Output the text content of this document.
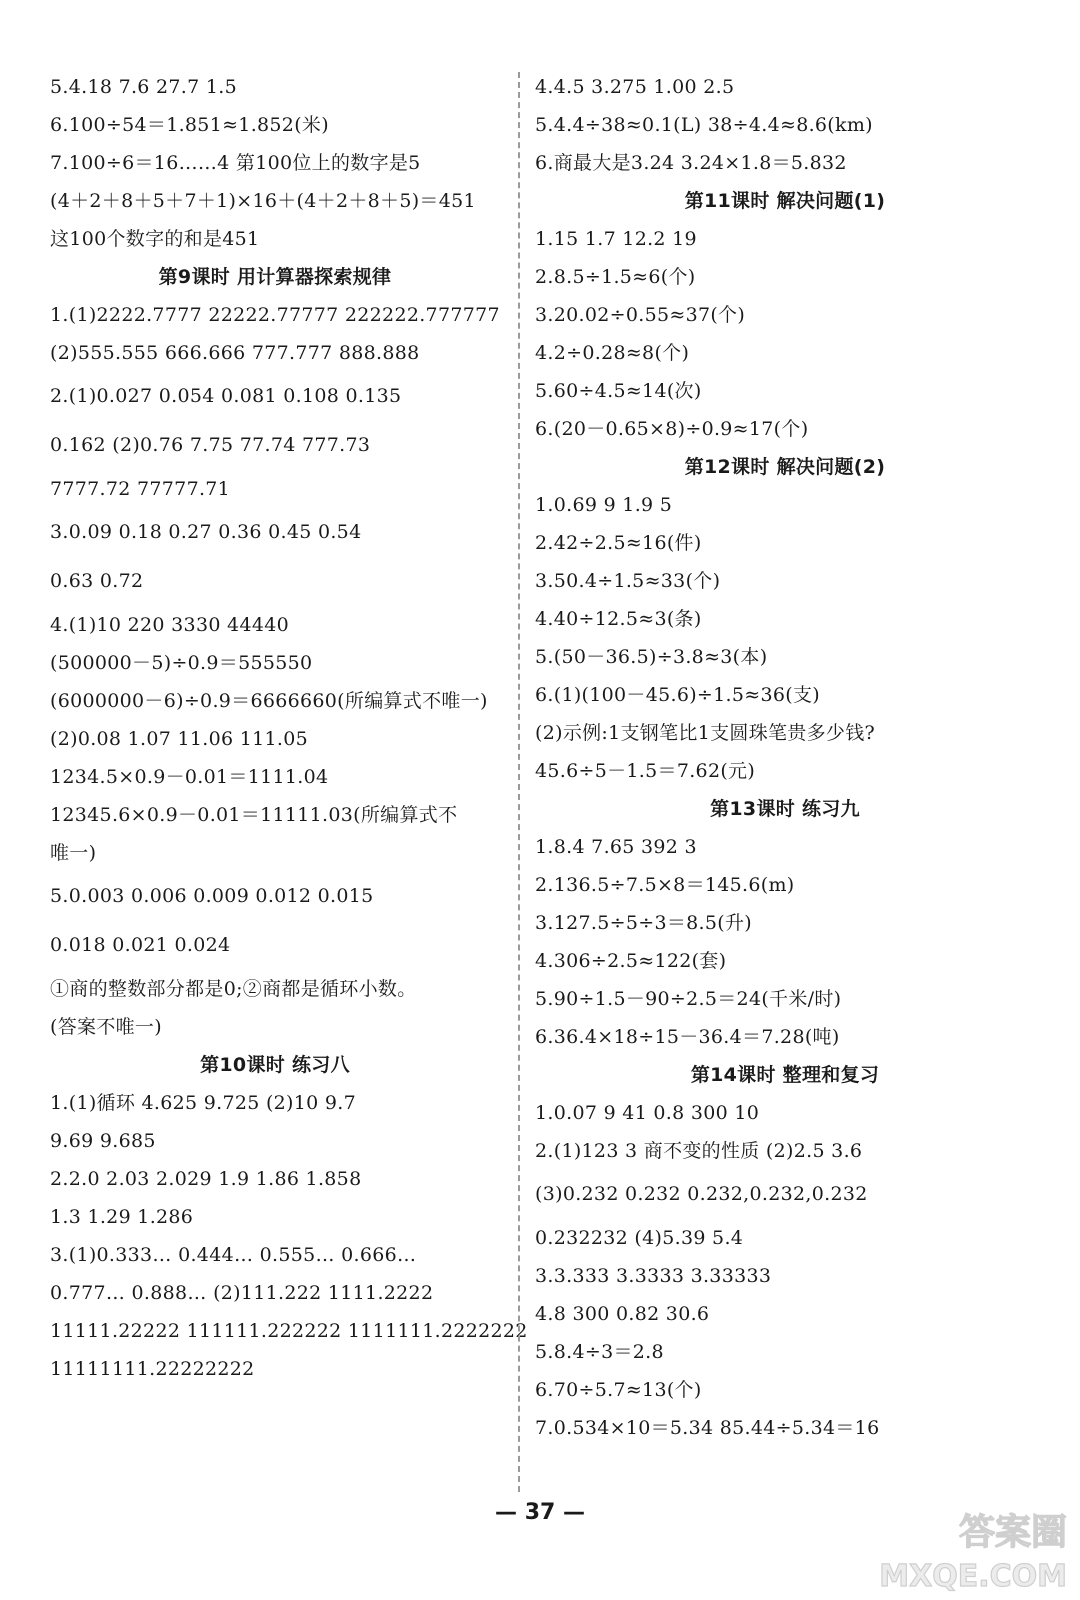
5.4.18 7.6 27.7 1.5
6.100÷54＝1.851≈1.852(米)
7.100÷6＝16……4 第100位上的数字是5
(4＋2＋8＋5＋7＋1)×16＋(4＋2＋8＋5)＝451
这100个数字的和是451
第9课时 用计算器探索规律
1.(1)2222.7777 22222.77777 222222.777777
(2)555.555 666.666 777.777 888.888
2.(1)0.027 0.054 0.081 0.108 0.135
0.162 (2)0.76 7.75 77.74 777.73
7777.72 77777.71
3.0.09 0.18 0.27 0.36 0.45 0.54
0.63 0.72
4.(1)10 220 3330 44440
(500000－5)÷0.9＝555550
(6000000－6)÷0.9＝6666660(所编算式不唯一)
(2)0.08 1.07 11.06 111.05
1234.5×0.9－0.01＝1111.04
12345.6×0.9－0.01＝11111.03(所编算式不
唯一)
5.0.003 0.006 0.009 0.012 0.015
0.018 0.021 0.024
①商的整数部分都是0;②商都是循环小数。
(答案不唯一)
第10课时 练习八
1.(1)循环 4.625 9.725 (2)10 9.7
9.69 9.685
2.2.0 2.03 2.029 1.9 1.86 1.858
1.3 1.29 1.286
3.(1)0.333… 0.444… 0.555… 0.666…
0.777… 0.888… (2)111.222 1111.2222
11111.22222 111111.222222 1111111.2222222
11111111.22222222
4.4.5 3.275 1.00 2.5
5.4.4÷38≈0.1(L) 38÷4.4≈8.6(km)
6.商最大是3.24 3.24×1.8＝5.832
第11课时 解决问题(1)
1.15 1.7 12.2 19
2.8.5÷1.5≈6(个)
3.20.02÷0.55≈37(个)
4.2÷0.28≈8(个)
5.60÷4.5≈14(次)
6.(20－0.65×8)÷0.9≈17(个)
第12课时 解决问题(2)
1.0.69 9 1.9 5
2.42÷2.5≈16(件)
3.50.4÷1.5≈33(个)
4.40÷12.5≈3(条)
5.(50－36.5)÷3.8≈3(本)
6.(1)(100－45.6)÷1.5≈36(支)
(2)示例:1支钢笔比1支圆珠笔贵多少钱?
45.6÷5－1.5＝7.62(元)
第13课时 练习九
1.8.4 7.65 392 3
2.136.5÷7.5×8＝145.6(m)
3.127.5÷5÷3＝8.5(升)
4.306÷2.5≈122(套)
5.90÷1.5－90÷2.5＝24(千米/时)
6.36.4×18÷15－36.4＝7.28(吨)
第14课时 整理和复习
1.0.07 9 41 0.8 300 10
2.(1)123 3 商不变的性质 (2)2.5 3.6
(3)0.232 0.232 0.232,0.232,0.232
0.232232 (4)5.39 5.4
3.3.333 3.3333 3.33333
4.8 300 0.82 30.6
5.8.4÷3＝2.8
6.70÷5.7≈13(个)
7.0.534×10＝5.34 85.44÷5.34＝16
— 37 —	答案圈
MXQE.COM
